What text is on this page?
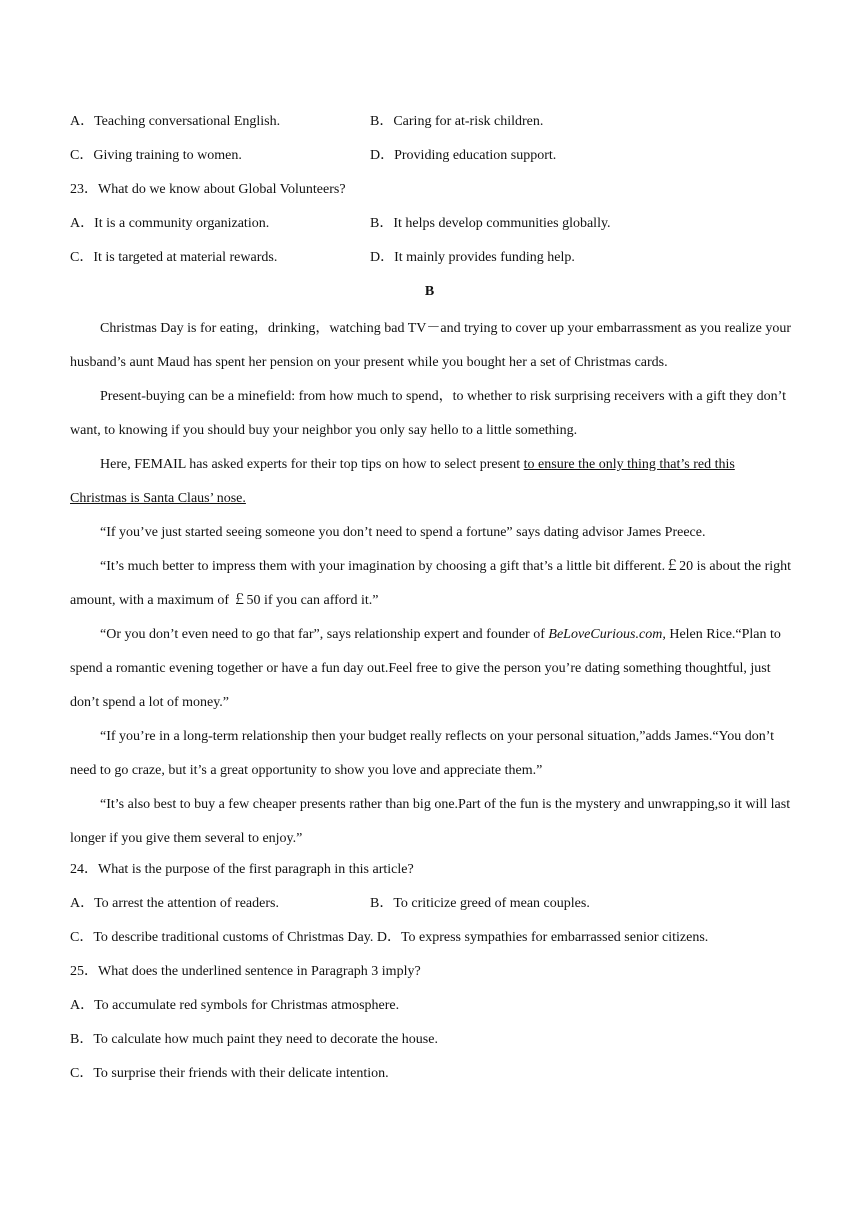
A．Teaching conversational English.	B．Caring for at-risk children.
C．Giving training to women.	D．Providing education support.
23．What do we know about Global Volunteers?
A．It is a community organization.	B．It helps develop communities globally.
C．It is targeted at material rewards.	D．It mainly provides funding help.
B

Christmas Day is for eating，drinking，watching bad TV－and trying to cover up your embarrassment as you realize your husband’s aunt Maud has spent her pension on your present while you bought her a set of Christmas cards.

Present-buying can be a minefield: from how much to spend，to whether to risk surprising receivers with a gift they don’t want, to knowing if you should buy your neighbor you only say hello to a little something.

Here, FEMAIL has asked experts for their top tips on how to select present to ensure the only thing that’s red this Christmas is Santa Claus’ nose.

“If you’ve just started seeing someone you don’t need to spend a fortune” says dating advisor James Preece.

“It’s much better to impress them with your imagination by choosing a gift that’s a little bit different.￡20 is about the right amount, with a maximum of ￡50 if you can afford it.”

“Or you don’t even need to go that far”, says relationship expert and founder of BeLoveCurious.com, Helen Rice.“Plan to spend a romantic evening together or have a fun day out.Feel free to give the person you’re dating something thoughtful, just don’t spend a lot of money.”

“If you’re in a long-term relationship then your budget really reflects on your personal situation,”adds James.“You don’t need to go craze, but it’s a great opportunity to show you love and appreciate them.”

“It’s also best to buy a few cheaper presents rather than big one.Part of the fun is the mystery and unwrapping,so it will last longer if you give them several to enjoy.”

24．What is the purpose of the first paragraph in this article?
A．To arrest the attention of readers.	B．To criticize greed of mean couples.
C．To describe traditional customs of Christmas Day. D．To express sympathies for embarrassed senior citizens.
25．What does the underlined sentence in Paragraph 3 imply?
A．To accumulate red symbols for Christmas atmosphere.
B．To calculate how much paint they need to decorate the house.
C．To surprise their friends with their delicate intention.
